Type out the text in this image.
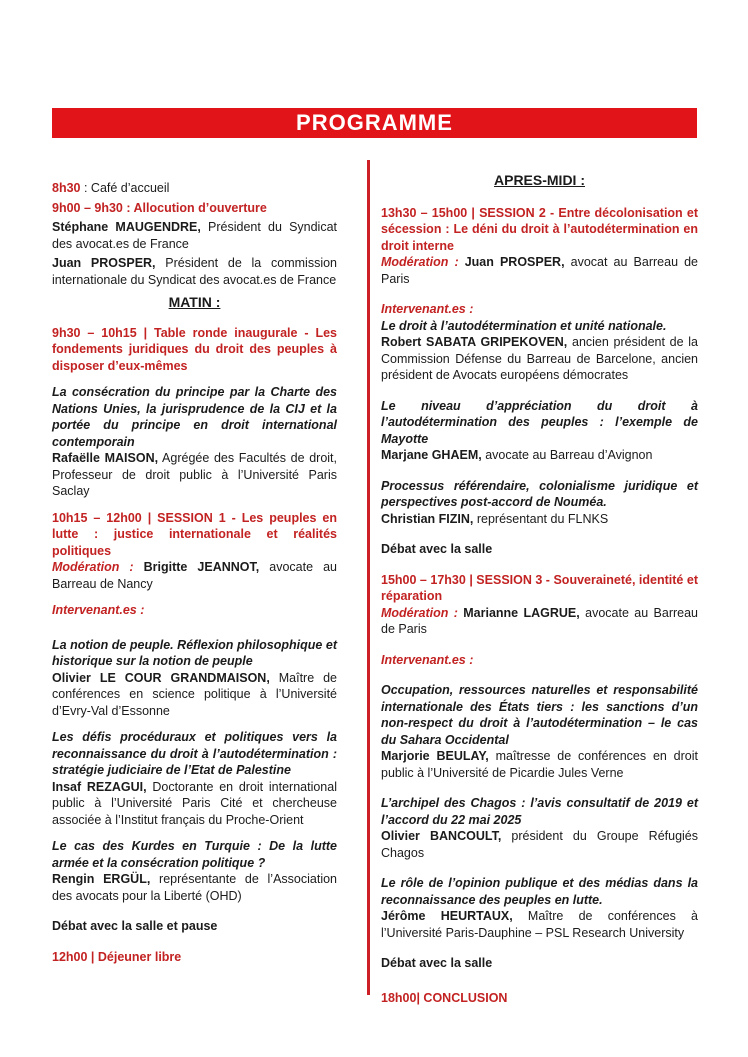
PROGRAMME

8h30 : Café d’accueil

9h00 – 9h30 : Allocution d’ouverture

Stéphane MAUGENDRE, Président du Syndicat des avocat.es de France

Juan PROSPER, Président de la commission internationale du Syndicat des avocat.es de France

MATIN :

9h30 – 10h15 | Table ronde inaugurale - Les fondements juridiques du droit des peuples à disposer d’eux-mêmes

La consécration du principe par la Charte des Nations Unies, la jurisprudence de la CIJ et la portée du principe en droit international contemporain

Rafaëlle MAISON, Agrégée des Facultés de droit, Professeur de droit public à l’Université Paris Saclay

10h15 – 12h00 | SESSION 1 - Les peuples en lutte : justice internationale et réalités politiques

Modération : Brigitte JEANNOT, avocate au Barreau de Nancy

Intervenant.es :

La notion de peuple. Réflexion philosophique et historique sur la notion de peuple

Olivier LE COUR GRANDMAISON, Maître de conférences en science politique à l’Université d’Evry-Val d’Essonne

Les défis procéduraux et politiques vers la reconnaissance du droit à l’autodétermination : stratégie judiciaire de l’Etat de Palestine

Insaf REZAGUI, Doctorante en droit international public à l’Université Paris Cité et chercheuse associée à l’Institut français du Proche-Orient

Le cas des Kurdes en Turquie : De la lutte armée et la consécration politique ?

Rengin ERGÜL, représentante de l’Association des avocats pour la Liberté (OHD)

Débat avec la salle et pause

12h00 | Déjeuner libre

APRES-MIDI :

13h30 – 15h00 | SESSION 2 - Entre décolonisation et sécession : Le déni du droit à l’autodétermination en droit interne

Modération : Juan PROSPER, avocat au Barreau de Paris

Intervenant.es :

Le droit à l’autodétermination et unité nationale.

Robert SABATA GRIPEKOVEN, ancien président de la Commission Défense du Barreau de Barcelone, ancien président de Avocats européens démocrates

Le niveau d’appréciation du droit à l’autodétermination des peuples : l’exemple de Mayotte

Marjane GHAEM, avocate au Barreau d’Avignon

Processus référendaire, colonialisme juridique et perspectives post-accord de Nouméa.

Christian FIZIN, représentant du FLNKS

Débat avec la salle

15h00 – 17h30 | SESSION 3 - Souveraineté, identité et réparation

Modération : Marianne LAGRUE, avocate au Barreau de Paris

Intervenant.es :

Occupation, ressources naturelles et responsabilité internationale des États tiers : les sanctions d’un non-respect du droit à l’autodétermination – le cas du Sahara Occidental

Marjorie BEULAY, maîtresse de conférences en droit public à l’Université de Picardie Jules Verne

L’archipel des Chagos : l’avis consultatif de 2019 et l’accord du 22 mai 2025

Olivier BANCOULT, président du Groupe Réfugiés Chagos

Le rôle de l’opinion publique et des médias dans la reconnaissance des peuples en lutte.

Jérôme HEURTAUX, Maître de conférences à l’Université Paris-Dauphine – PSL Research University

Débat avec la salle

18h00| CONCLUSION
